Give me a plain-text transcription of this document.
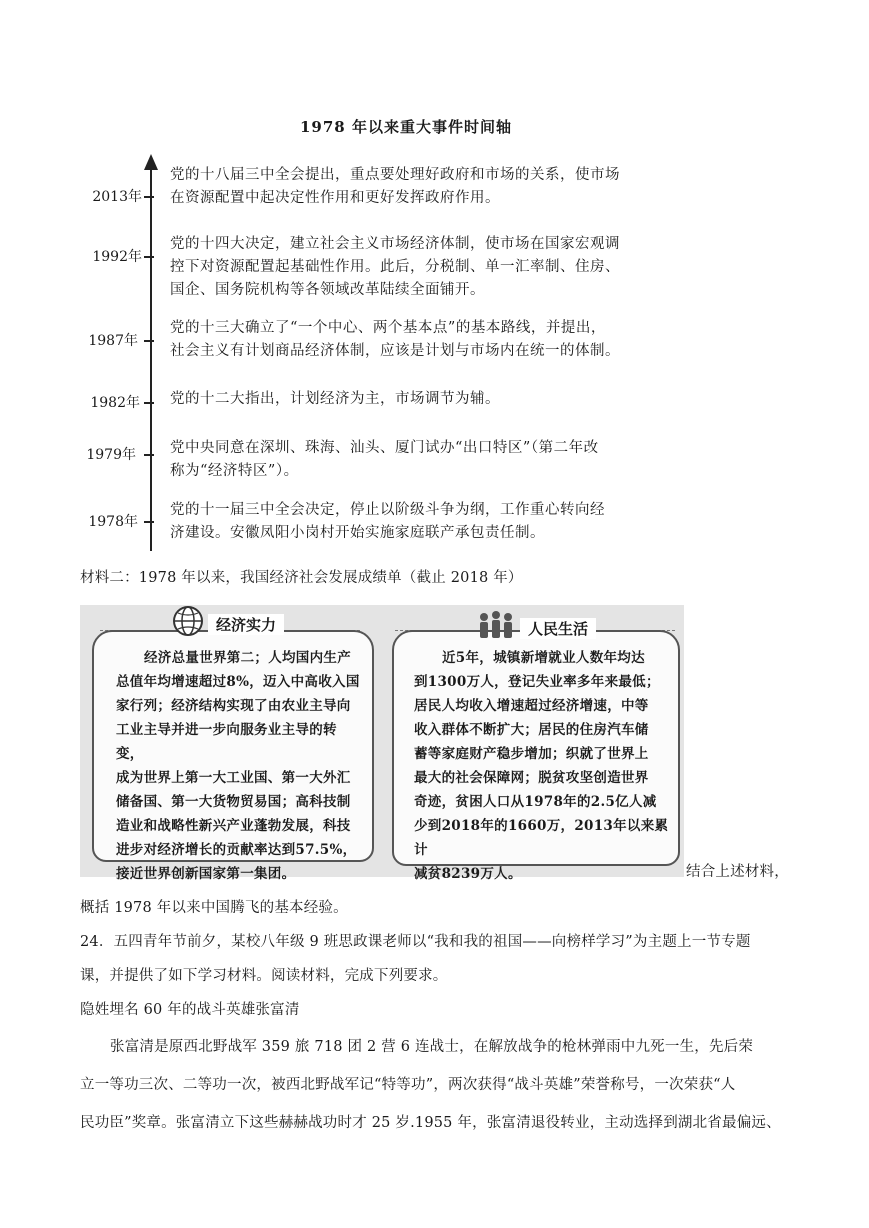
1978 年以来重大事件时间轴
2013年
党的十八届三中全会提出，重点要处理好政府和市场的关系，使市场
在资源配置中起决定性作用和更好发挥政府作用。
1992年
党的十四大决定，建立社会主义市场经济体制，使市场在国家宏观调
控下对资源配置起基础性作用。此后，分税制、单一汇率制、住房、
国企、国务院机构等各领域改革陆续全面铺开。
1987年
党的十三大确立了“一个中心、两个基本点”的基本路线，并提出，
社会主义有计划商品经济体制，应该是计划与市场内在统一的体制。
1982年 党的十二大指出，计划经济为主，市场调节为辅。
1979年 党中央同意在深圳、珠海、汕头、厦门试办“出口特区”（第二年改
称为“经济特区”）。
1978年
党的十一届三中全会决定，停止以阶级斗争为纲，工作重心转向经
济建设。安徽凤阳小岗村开始实施家庭联产承包责任制。
材料二：1978 年以来，我国经济社会发展成绩单（截止 2018 年）
经济总量世界第二；人均国内生产
总值年均增速超过8%，迈入中高收入国
家行列；经济结构实现了由农业主导向
工业主导并进一步向服务业主导的转变，
成为世界上第一大工业国、第一大外汇
储备国、第一大货物贸易国；高科技制
造业和战略性新兴产业蓬勃发展，科技
进步对经济增长的贡献率达到57.5%，
接近世界创新国家第一集团。
经济实力
近5年，城镇新增就业人数年均达
到1300万人，登记失业率多年来最低；
居民人均收入增速超过经济增速，中等
收入群体不断扩大；居民的住房汽车储
蓄等家庭财产稳步增加；织就了世界上
最大的社会保障网；脱贫攻坚创造世界
奇迹，贫困人口从1978年的2.5亿人减
少到2018年的1660万，2013年以来累计
减贫8239万人。
人民生活
结合上述材料，
概括 1978 年以来中国腾飞的基本经验。
24．五四青年节前夕，某校八年级 9 班思政课老师以“我和我的祖国——向榜样学习”为主题上一节专题
课，并提供了如下学习材料。阅读材料，完成下列要求。
隐姓埋名 60 年的战斗英雄张富清
张富清是原西北野战军 359 旅 718 团 2 营 6 连战士，在解放战争的枪林弹雨中九死一生，先后荣
立一等功三次、二等功一次，被西北野战军记“特等功”，两次获得“战斗英雄”荣誉称号，一次荣获“人
民功臣”奖章。张富清立下这些赫赫战功时才 25 岁.1955 年，张富清退役转业，主动选择到湖北省最偏远、
